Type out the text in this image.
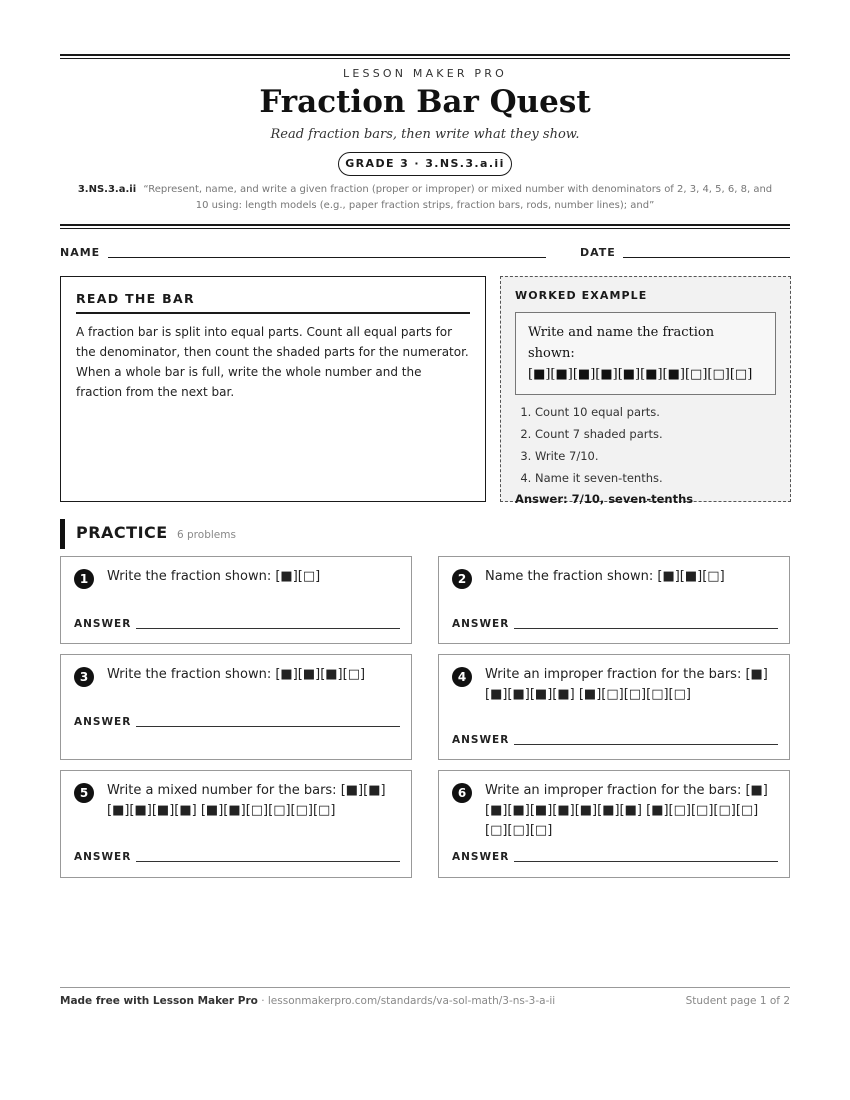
LESSON MAKER PRO
Fraction Bar Quest
Read fraction bars, then write what they show.
GRADE 3 · 3.NS.3.a.ii
3.NS.3.a.ii “Represent, name, and write a given fraction (proper or improper) or mixed number with denominators of 2, 3, 4, 5, 6, 8, and 10 using: length models (e.g., paper fraction strips, fraction bars, rods, number lines); and”
NAME	DATE
READ THE BAR

A fraction bar is split into equal parts. Count all equal parts for the denominator, then count the shaded parts for the numerator. When a whole bar is full, write the whole number and the fraction from the next bar.

WORKED EXAMPLE
Write and name the fraction shown:
[■][■][■][■][■][■][■][□][□][□]
1. Count 10 equal parts.
2. Count 7 shaded parts.
3. Write 7/10.
4. Name it seven-tenths.
Answer: 7/10, seven-tenths
PRACTICE 6 problems
1	Write the fraction shown: [■][□]
ANSWER
2	Name the fraction shown: [■][■][□]
ANSWER
3	Write the fraction shown: [■][■][■][□]
ANSWER
4	Write an improper fraction for the bars: [■][■][■][■][■] [■][□][□][□][□]
ANSWER
5	Write a mixed number for the bars: [■][■][■][■][■][■] [■][■][□][□][□][□]
ANSWER
6	Write an improper fraction for the bars: [■][■][■][■][■][■][■][■] [■][□][□][□][□][□][□][□]
ANSWER
Made free with Lesson Maker Pro · lessonmakerpro.com/standards/va-sol-math/3-ns-3-a-ii	Student page 1 of 2
